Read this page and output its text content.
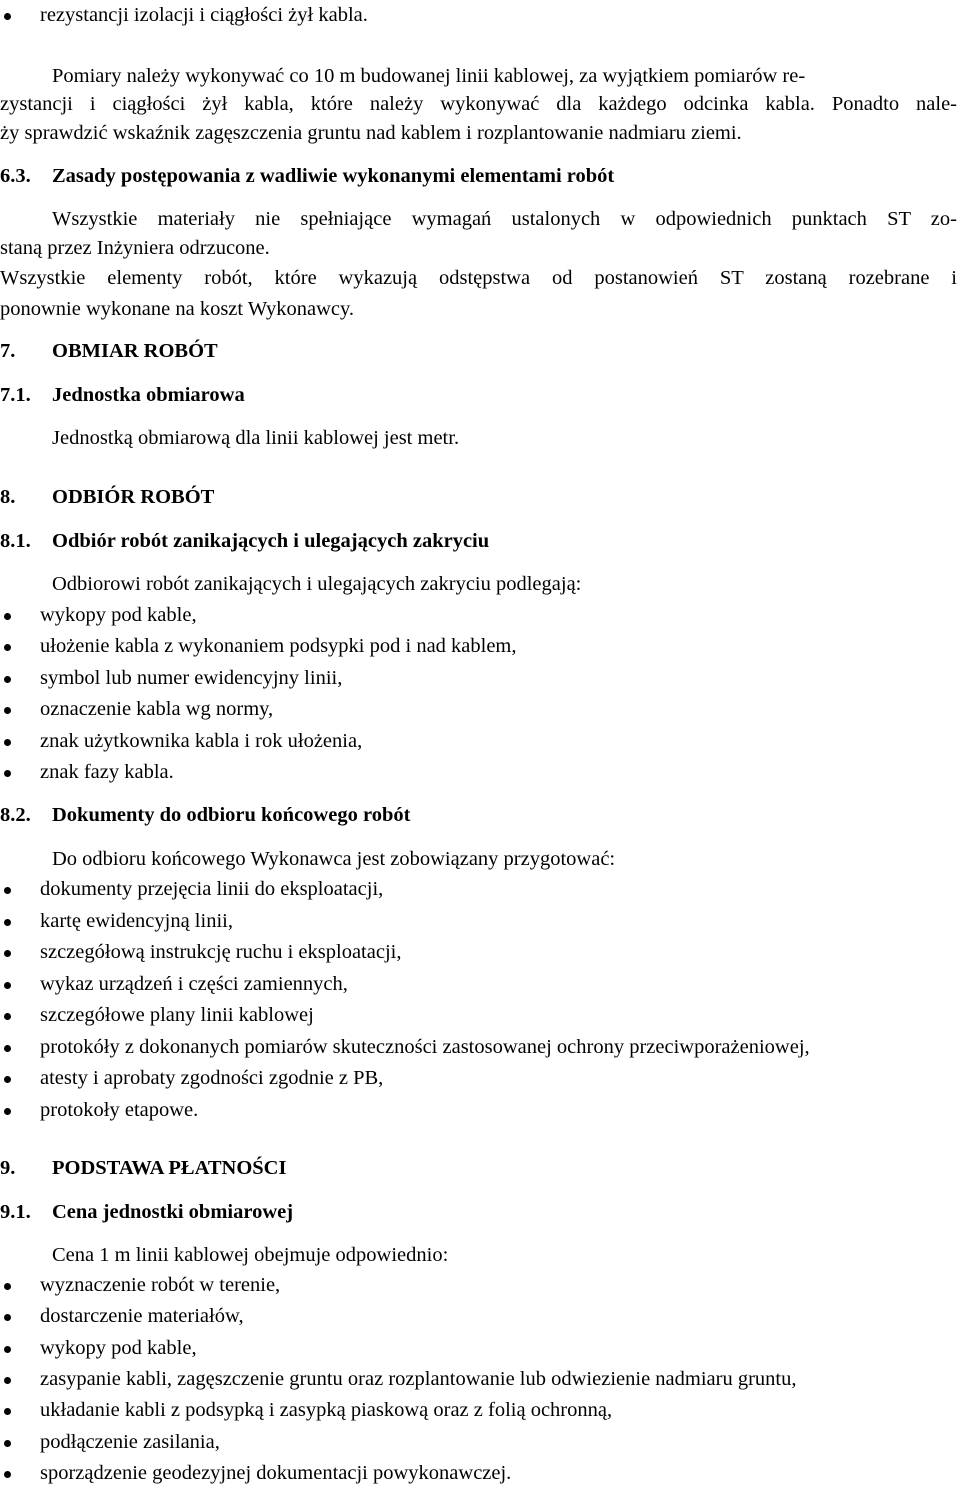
rezystancji izolacji i ciągłości żył kabla.
Pomiary należy wykonywać co 10 m budowanej linii kablowej, za wyjątkiem pomiarów re-
zystancji i ciągłości żył kabla, które należy wykonywać dla każdego odcinka kabla. Ponadto nale-
ży sprawdzić wskaźnik zagęszczenia gruntu nad kablem i rozplantowanie nadmiaru ziemi.
6.3. Zasady postępowania z wadliwie wykonanymi elementami robót
Wszystkie materiały nie spełniające wymagań ustalonych w odpowiednich punktach ST zo-
staną przez Inżyniera odrzucone.
Wszystkie elementy robót, które wykazują odstępstwa od postanowień ST zostaną rozebrane i
ponownie wykonane na koszt Wykonawcy.
7. OBMIAR ROBÓT
7.1. Jednostka obmiarowa
Jednostką obmiarową dla linii kablowej jest metr.
8. ODBIÓR ROBÓT
8.1. Odbiór robót zanikających i ulegających zakryciu
Odbiorowi robót zanikających i ulegających zakryciu podlegają:
wykopy pod kable,
ułożenie kabla z wykonaniem podsypki pod i nad kablem,
symbol lub numer ewidencyjny linii,
oznaczenie kabla wg normy,
znak użytkownika kabla i rok ułożenia,
znak fazy kabla.
8.2. Dokumenty do odbioru końcowego robót
Do odbioru końcowego Wykonawca jest zobowiązany przygotować:
dokumenty przejęcia linii do eksploatacji,
kartę ewidencyjną linii,
szczegółową instrukcję ruchu i eksploatacji,
wykaz urządzeń i części zamiennych,
szczegółowe plany linii kablowej
protokóły z dokonanych pomiarów skuteczności zastosowanej ochrony przeciwporażeniowej,
atesty i aprobaty zgodności zgodnie z PB,
protokoły etapowe.
9. PODSTAWA PŁATNOŚCI
9.1. Cena jednostki obmiarowej
Cena 1 m linii kablowej obejmuje odpowiednio:
wyznaczenie robót w terenie,
dostarczenie materiałów,
wykopy pod kable,
zasypanie kabli, zagęszczenie gruntu oraz rozplantowanie lub odwiezienie nadmiaru gruntu,
układanie kabli z podsypką i zasypką piaskową oraz z folią ochronną,
podłączenie zasilania,
sporządzenie geodezyjnej dokumentacji powykonawczej.
